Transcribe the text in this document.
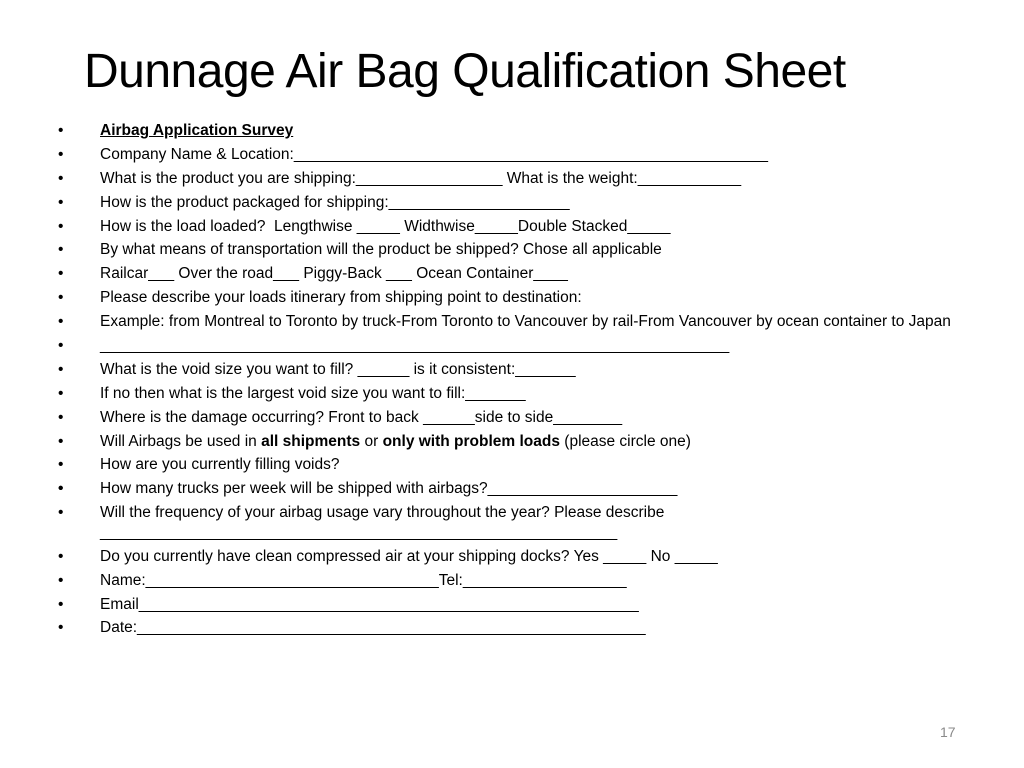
Dunnage Air Bag Qualification Sheet
• Airbag Application Survey
• Company Name & Location:_______________________________________________________
• What is the product you are shipping:_________________ What is the weight:____________
• How is the product packaged for shipping:_____________________
• How is the load loaded?  Lengthwise _____ Widthwise_____Double Stacked_____
• By what means of transportation will the product be shipped? Chose all applicable
• Railcar___ Over the road___ Piggy-Back ___ Ocean Container____
• Please describe your loads itinerary from shipping point to destination:
• Example: from Montreal to Toronto by truck-From Toronto to Vancouver by rail-From Vancouver by ocean container to Japan
• _________________________________________________________________________
• What is the void size you want to fill? ______ is it consistent:_______
• If no then what is the largest void size you want to fill:_______
• Where is the damage occurring? Front to back ______side to side________
• Will Airbags be used in all shipments or only with problem loads (please circle one)
• How are you currently filling voids?
• How many trucks per week will be shipped with airbags?______________________
• Will the frequency of your airbag usage vary throughout the year? Please describe ____________________________________________________________
• Do you currently have clean compressed air at your shipping docks? Yes _____ No _____
• Name:__________________________________Tel:___________________
• Email__________________________________________________________
• Date:___________________________________________________________
17
